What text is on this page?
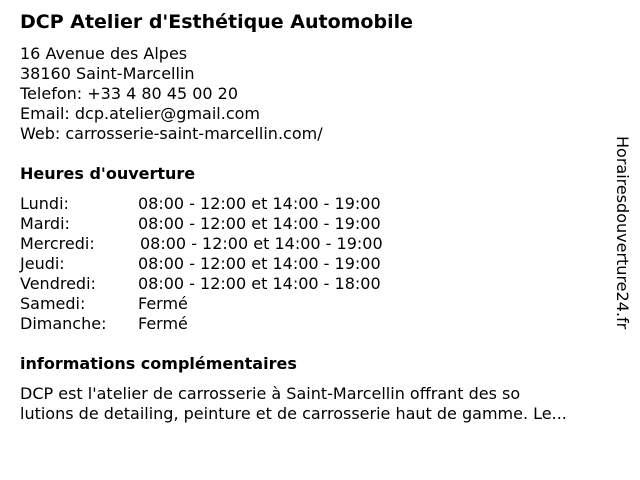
DCP Atelier d'Esthétique Automobile
16 Avenue des Alpes
38160 Saint-Marcellin
Telefon: +33 4 80 45 00 20
Email: dcp.atelier@gmail.com
Web: carrosserie-saint-marcellin.com/
Heures d'ouverture
Lundi:	08:00 - 12:00 et 14:00 - 19:00
Mardi:	08:00 - 12:00 et 14:00 - 19:00
Mercredi:	08:00 - 12:00 et 14:00 - 19:00
Jeudi:	08:00 - 12:00 et 14:00 - 19:00
Vendredi:	08:00 - 12:00 et 14:00 - 18:00
Samedi:	Fermé
Dimanche:	Fermé
informations complémentaires
DCP est l'atelier de carrosserie à Saint-Marcellin offrant des so
lutions de detailing, peinture et de carrosserie haut de gamme. Le...
Horairesdouverture24.fr
